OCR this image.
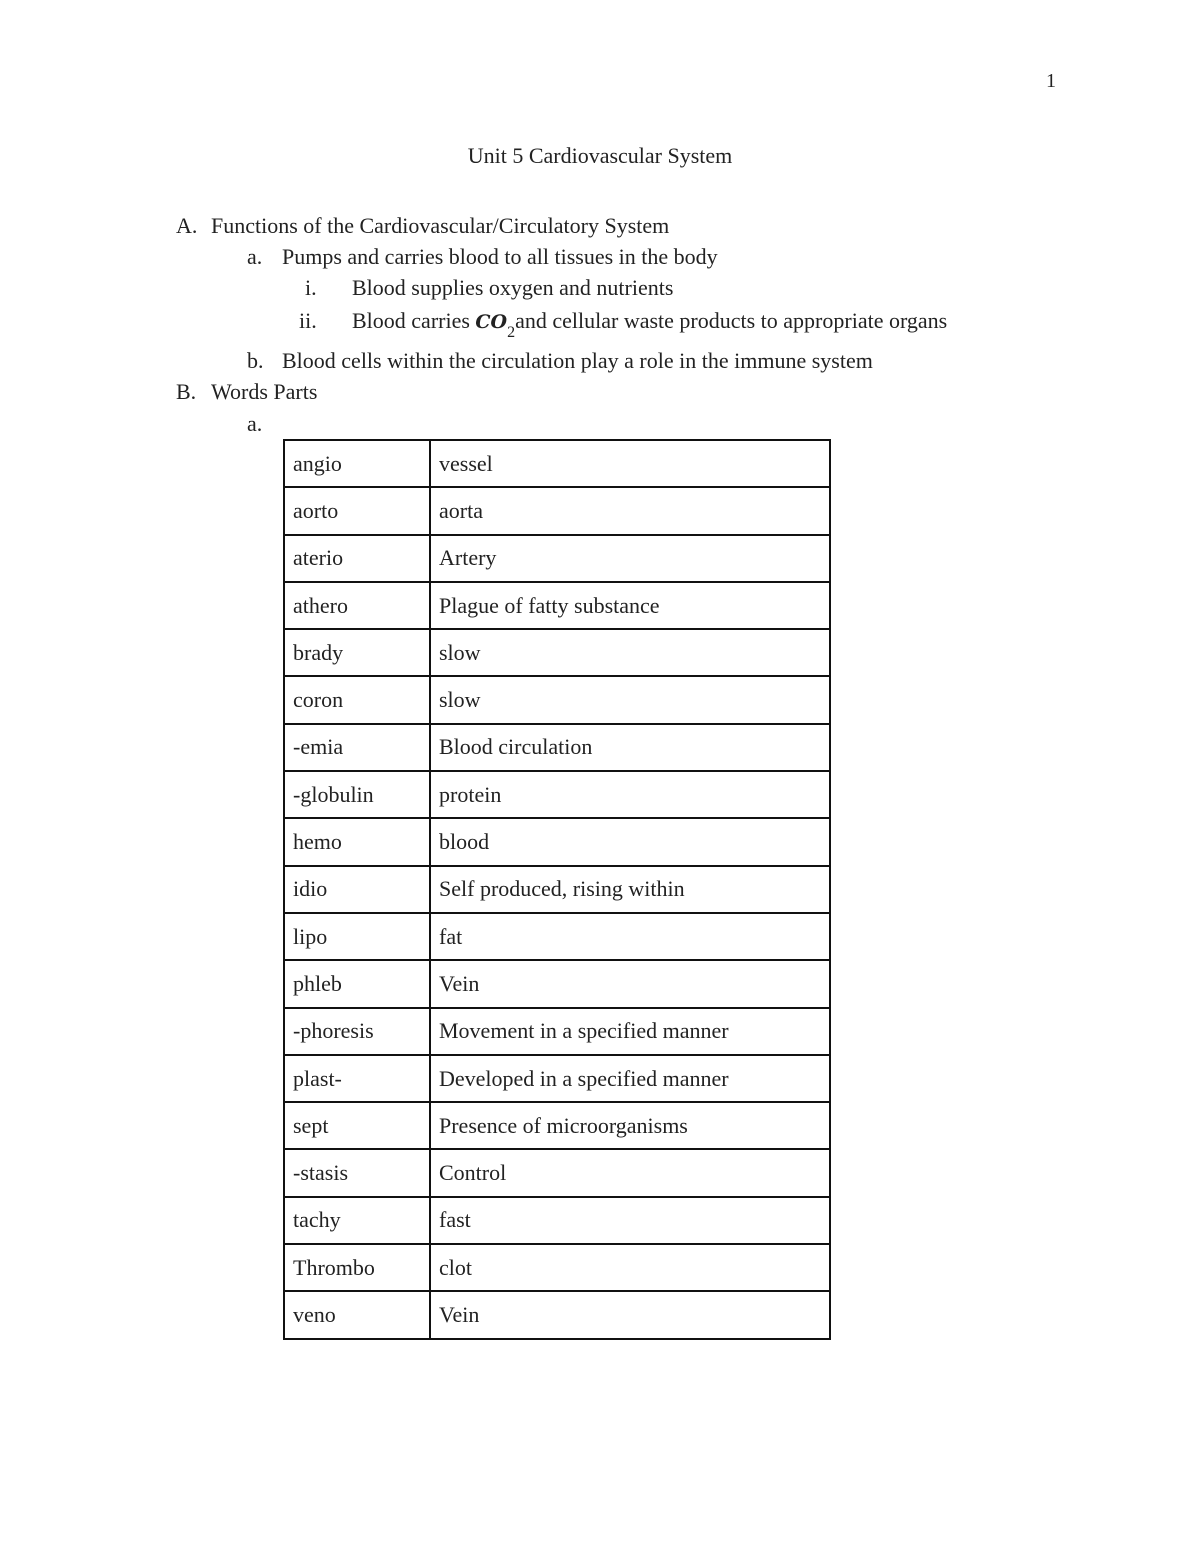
1
Unit 5 Cardiovascular System
A. Functions of the Cardiovascular/Circulatory System
a. Pumps and carries blood to all tissues in the body
i. Blood supplies oxygen and nutrients
ii. Blood carries $CO_2and$ cellular waste products to appropriate organs
b. Blood cells within the circulation play a role in the immune system
B. Words Parts
a.
angio	vessel
aorto	aorta
aterio	Artery
athero	Plague of fatty substance
brady	slow
coron	slow
-emia	Blood circulation
-globulin	protein
hemo	blood
idio	Self produced, rising within
lipo	fat
phleb	Vein
-phoresis	Movement in a specified manner
plast-	Developed in a specified manner
sept	Presence of microorganisms
-stasis	Control
tachy	fast
Thrombo	clot
veno	Vein
